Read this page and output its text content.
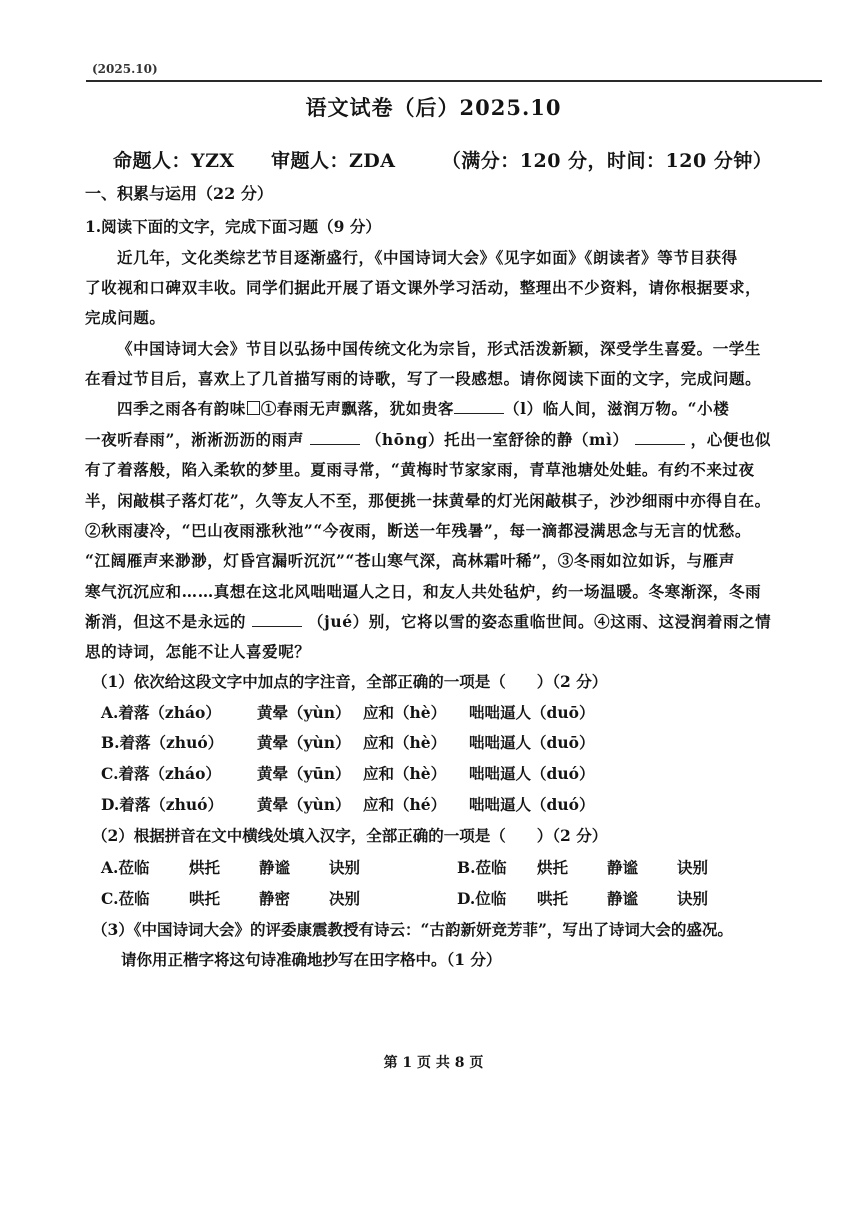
(2025.10)
语文试卷（后）2025.10
命题人：YZX 审题人：ZDA （满分：120 分，时间：120 分钟）
一、积累与运用（22 分）
1.阅读下面的文字，完成下面习题（9 分）
近几年，文化类综艺节目逐渐盛行，《中国诗词大会》《见字如面》《朗读者》等节目获得
了收视和口碑双丰收。同学们据此开展了语文课外学习活动，整理出不少资料，请你根据要求，
完成问题。
《中国诗词大会》节目以弘扬中国传统文化为宗旨，形式活泼新颖，深受学生喜爱。一学生
在看过节目后，喜欢上了几首描写雨的诗歌，写了一段感想。请你阅读下面的文字，完成问题。
四季之雨各有韵味 ①春雨无声飘落，犹如贵客	（l）临人间，滋润万物。“小楼
一夜听春雨”，淅淅沥沥的雨声	（hōng）托出一室舒徐的静（mì）	，心便也似
有了着落般，陷入柔软的梦里。夏雨寻常，“黄梅时节家家雨，青草池塘处处蛙。有约不来过夜
半，闲敲棋子落灯花”，久等友人不至，那便挑一抹黄晕的灯光闲敲棋子，沙沙细雨中亦得自在。
②秋雨凄冷，“巴山夜雨涨秋池”“今夜雨，断送一年残暑”，每一滴都浸满思念与无言的忧愁。
“江阔雁声来渺渺，灯昏宫漏听沉沉”“苍山寒气深，高林霜叶稀”，③冬雨如泣如诉，与雁声
寒气沉沉应和……真想在这北风咄咄逼人之日，和友人共处毡炉，约一场温暖。冬寒渐深，冬雨
渐消，但这不是永远的	（jué）别，它将以雪的姿态重临世间。④这雨、这浸润着雨之情
思的诗词，怎能不让人喜爱呢？
（1）依次给这段文字中加点的字注音，全部正确的一项是（　　）（2 分）
A.着落（zháo） 黄晕（yùn） 应和（hè） 咄咄逼人（duō）
B.着落（zhuó） 黄晕（yùn） 应和（hè） 咄咄逼人（duō）
C.着落（zháo） 黄晕（yūn） 应和（hè） 咄咄逼人（duó）
D.着落（zhuó） 黄晕（yùn） 应和（hé） 咄咄逼人（duó）
（2）根据拼音在文中横线处填入汉字，全部正确的一项是（　　）（2 分）
A.莅临	烘托	静谧	诀别	B.莅临 烘托	静谧	诀别
C.莅临	哄托	静密	决别	D.位临 哄托	静谧	诀别
（3）《中国诗词大会》的评委康震教授有诗云：“古韵新妍竞芳菲”，写出了诗词大会的盛况。
请你用正楷字将这句诗准确地抄写在田字格中。（1 分）
第 1 页 共 8 页
